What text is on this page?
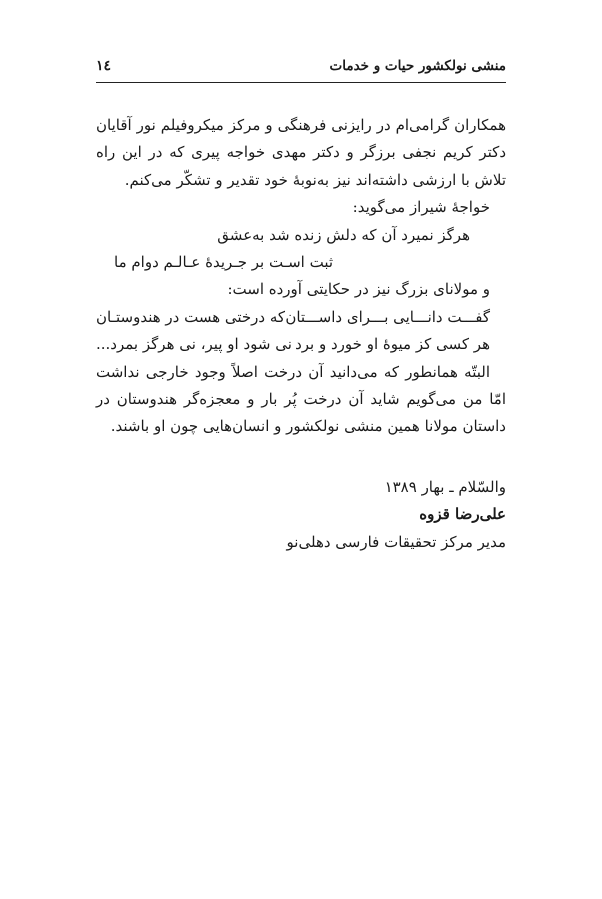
منشی نولکشور حیات و خدمات
١٤

همکاران گرامی‌ام در رایزنی فرهنگی و مرکز میکروفیلم نور آقایان دکتر کریم نجفی برزگر و دکتر مهدی خواجه پیری که در این راه تلاش با ارزشی داشته‌اند نیز به‌نوبهٔ خود تقدیر و تشکّر می‌کنم.

خواجهٔ شیراز می‌گوید:
هرگز نمیرد آن که دلش زنده شد به‌عشق
ثبت اسـت بر جـریدهٔ عـالـم دوام ما
و مولانای بزرگ نیز در حکایتی آورده است:
گفـــت دانـــایی بـــرای داســـتان
که درختی هست در هندوستـان
هر کسی کز میوهٔ او خورد و برد
نی شود او پیر، نی هرگز بمرد...

البتّه همانطور که می‌دانید آن درخت اصلاً وجود خارجی نداشت امّا من می‌گویم شاید آن درخت پُر بار و معجزه‌گر هندوستان در داستان مولانا همین منشی نولکشور و انسان‌هایی چون او باشند.

والسّلام ـ بهار ١٣٨٩
علی‌رضا قزوه
مدیر مرکز تحقیقات فارسی دهلی‌نو
